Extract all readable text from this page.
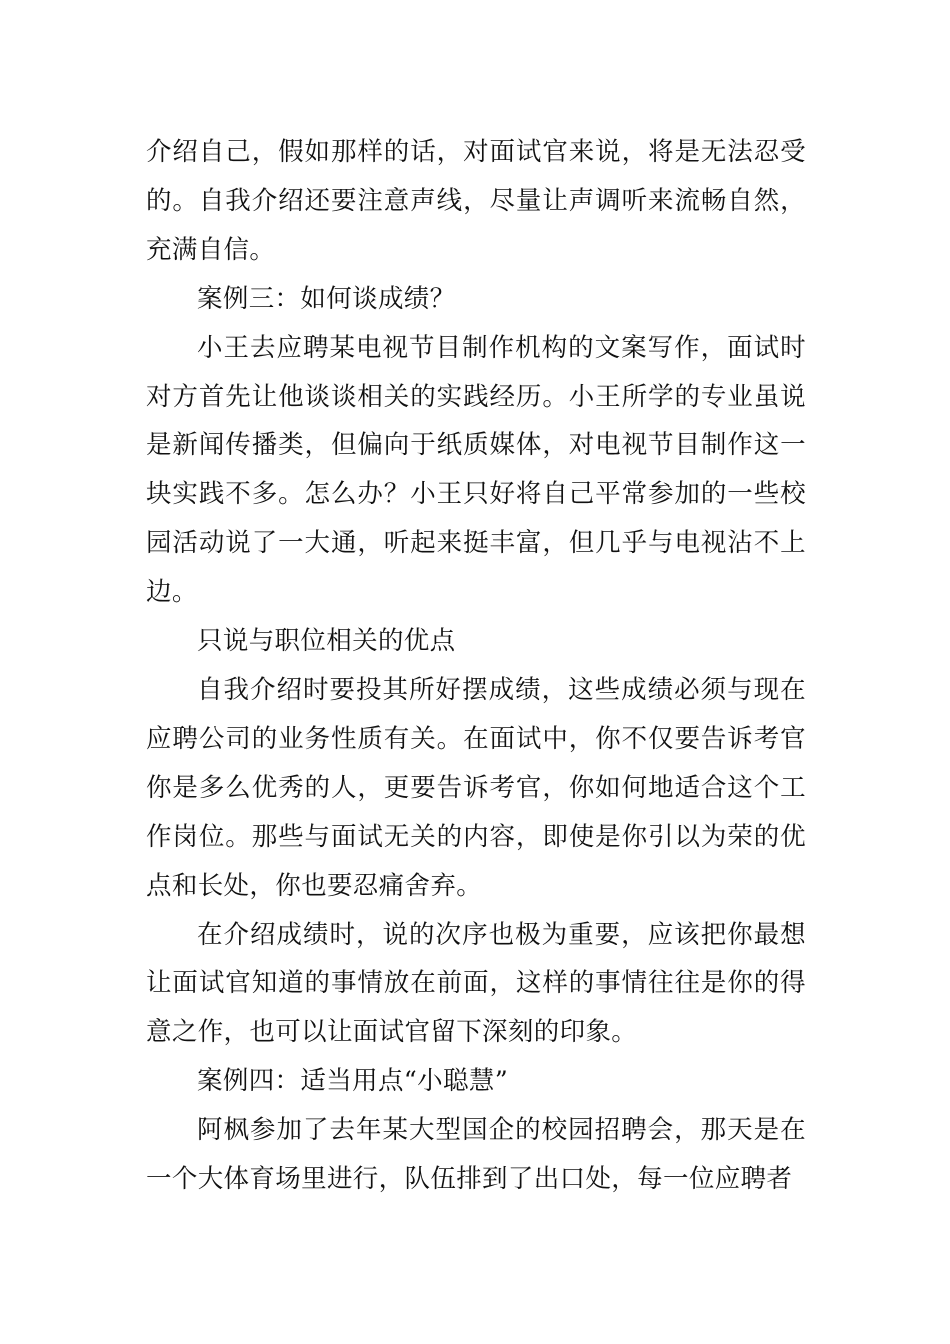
介绍自己，假如那样的话，对面试官来说，将是无法忍受的。自我介绍还要注意声线，尽量让声调听来流畅自然，充满自信。

案例三：如何谈成绩？

小王去应聘某电视节目制作机构的文案写作，面试时对方首先让他谈谈相关的实践经历。小王所学的专业虽说是新闻传播类，但偏向于纸质媒体，对电视节目制作这一块实践不多。怎么办？小王只好将自己平常参加的一些校园活动说了一大通，听起来挺丰富，但几乎与电视沾不上边。

只说与职位相关的优点

自我介绍时要投其所好摆成绩，这些成绩必须与现在应聘公司的业务性质有关。在面试中，你不仅要告诉考官你是多么优秀的人，更要告诉考官，你如何地适合这个工作岗位。那些与面试无关的内容，即使是你引以为荣的优点和长处，你也要忍痛舍弃。

在介绍成绩时，说的次序也极为重要，应该把你最想让面试官知道的事情放在前面，这样的事情往往是你的得意之作，也可以让面试官留下深刻的印象。

案例四：适当用点“小聪慧”

阿枫参加了去年某大型国企的校园招聘会，那天是在一个大体育场里进行，队伍排到了出口处，每一位应聘者
